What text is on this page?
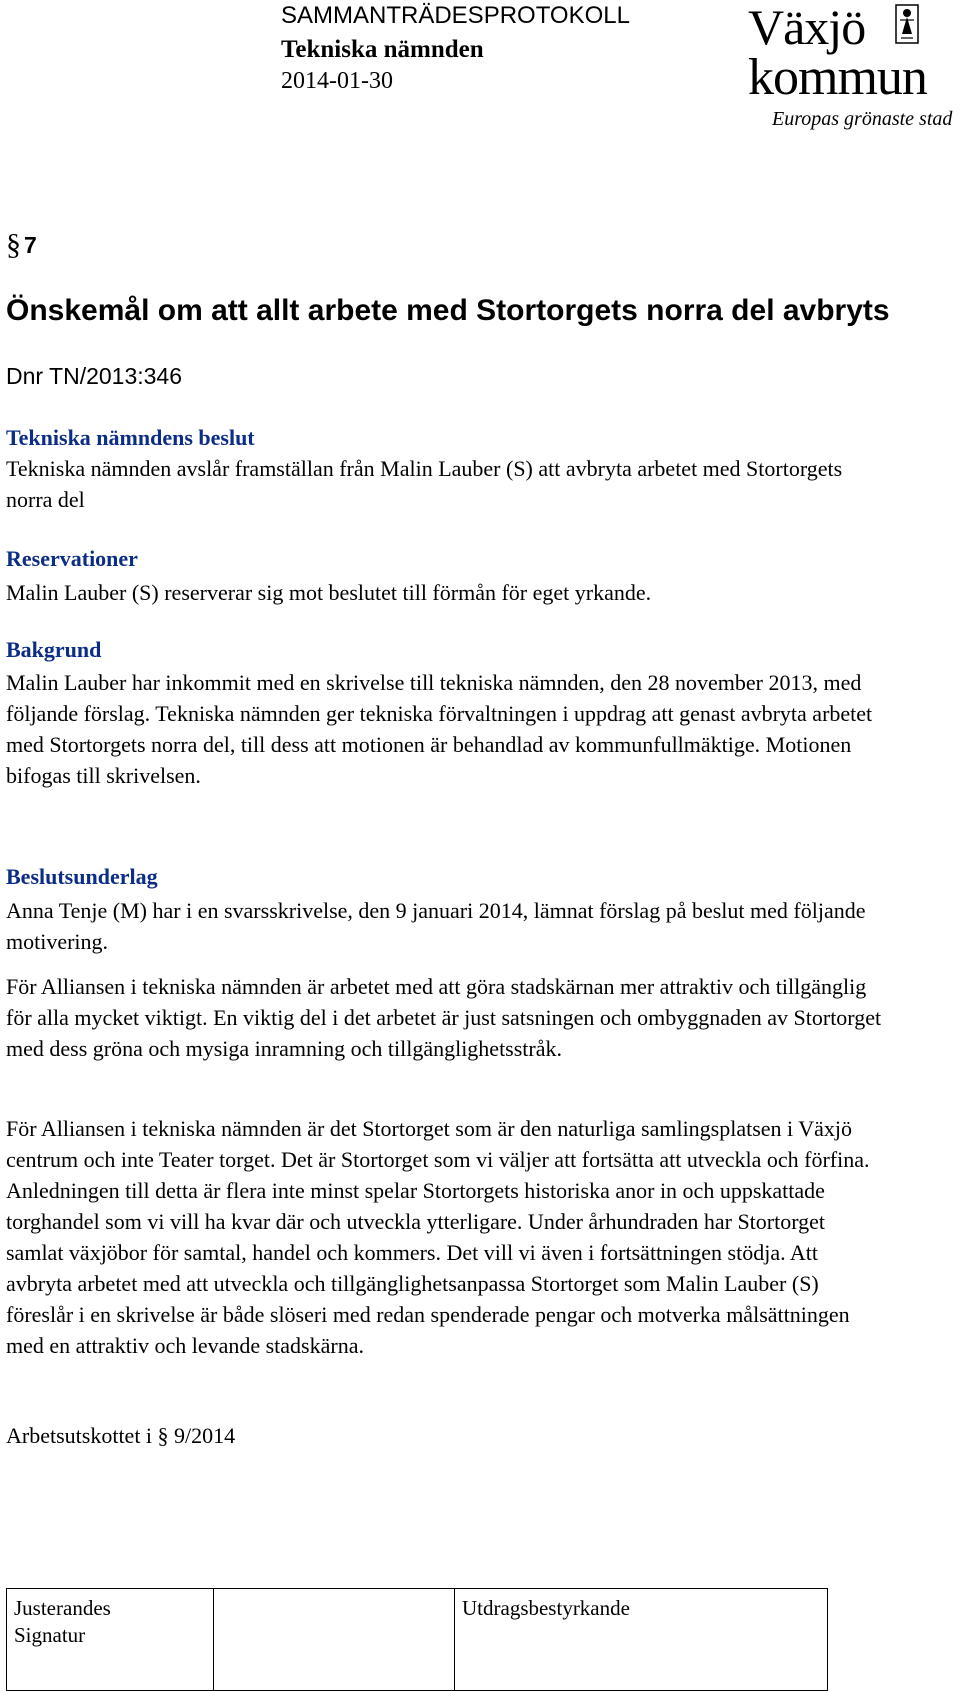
SAMMANTRÄDESPROTOKOLL
Tekniska nämnden
2014-01-30
Växjö
kommun
Europas grönaste stad
§ 7
Önskemål om att allt arbete med Stortorgets norra del avbryts
Dnr TN/2013:346
Tekniska nämndens beslut

Tekniska nämnden avslår framställan från Malin Lauber (S) att avbryta arbetet med Stortorgets norra del

Reservationer

Malin Lauber (S) reserverar sig mot beslutet till förmån för eget yrkande.

Bakgrund

Malin Lauber har inkommit med en skrivelse till tekniska nämnden, den 28 november 2013, med följande förslag. Tekniska nämnden ger tekniska förvaltningen i uppdrag att genast avbryta arbetet med Stortorgets norra del, till dess att motionen är behandlad av kommunfullmäktige. Motionen bifogas till skrivelsen.

Beslutsunderlag

Anna Tenje (M) har i en svarsskrivelse, den 9 januari 2014, lämnat förslag på beslut med följande motivering.

För Alliansen i tekniska nämnden är arbetet med att göra stadskärnan mer attraktiv och tillgänglig för alla mycket viktigt. En viktig del i det arbetet är just satsningen och ombyggnaden av Stortorget med dess gröna och mysiga inramning och tillgänglighetsstråk.

För Alliansen i tekniska nämnden är det Stortorget som är den naturliga samlingsplatsen i Växjö centrum och inte Teater torget. Det är Stortorget som vi väljer att fortsätta att utveckla och förfina. Anledningen till detta är flera inte minst spelar Stortorgets historiska anor in och uppskattade torghandel som vi vill ha kvar där och utveckla ytterligare. Under århundraden har Stortorget samlat växjöbor för samtal, handel och kommers. Det vill vi även i fortsättningen stödja. Att avbryta arbetet med att utveckla och tillgänglighetsanpassa Stortorget som Malin Lauber (S) föreslår i en skrivelse är både slöseri med redan spenderade pengar och motverka målsättningen med en attraktiv och levande stadskärna.

Arbetsutskottet i § 9/2014

Justerandes
Signatur

Utdragsbestyrkande
